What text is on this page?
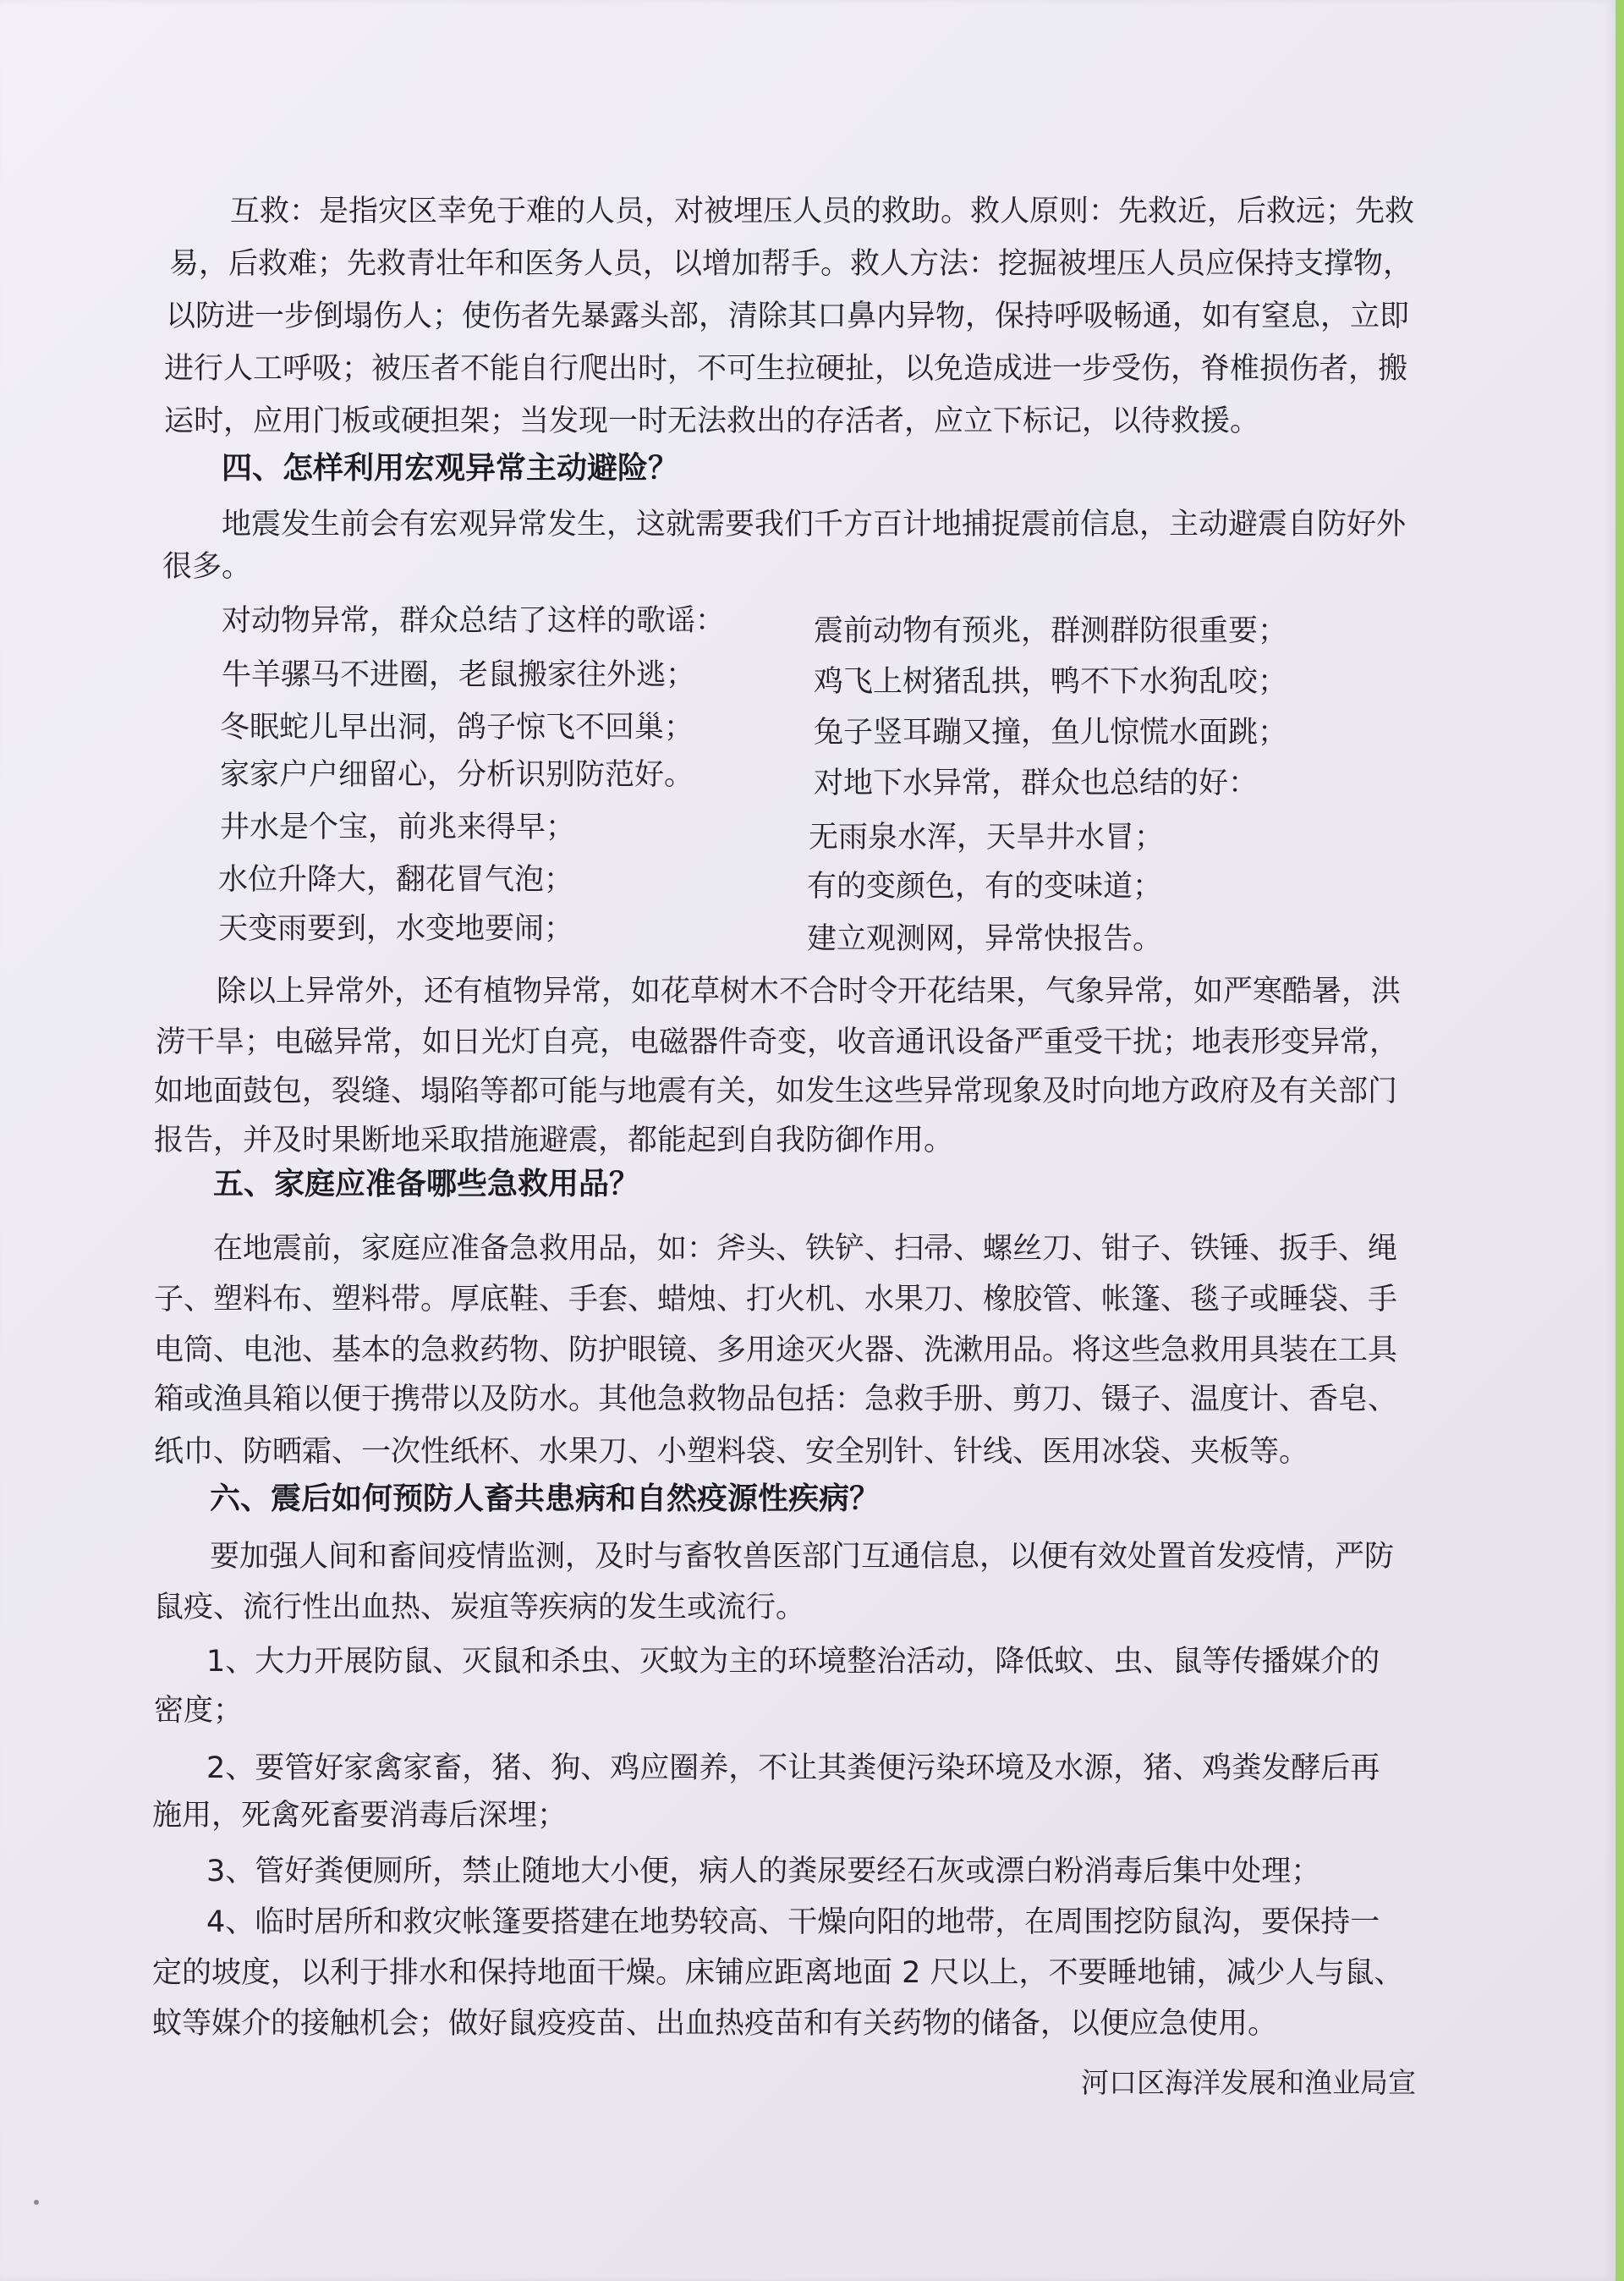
互救：是指灾区幸免于难的人员，对被埋压人员的救助。救人原则：先救近，后救远；先救
易，后救难；先救青壮年和医务人员，以增加帮手。救人方法：挖掘被埋压人员应保持支撑物，
以防进一步倒塌伤人；使伤者先暴露头部，清除其口鼻内异物，保持呼吸畅通，如有窒息，立即
进行人工呼吸；被压者不能自行爬出时，不可生拉硬扯，以免造成进一步受伤，脊椎损伤者，搬
运时，应用门板或硬担架；当发现一时无法救出的存活者，应立下标记，以待救援。
四、怎样利用宏观异常主动避险？
地震发生前会有宏观异常发生，这就需要我们千方百计地捕捉震前信息，主动避震自防好外
很多。
对动物异常，群众总结了这样的歌谣：	震前动物有预兆，群测群防很重要；
牛羊骡马不进圈，老鼠搬家往外逃；	鸡飞上树猪乱拱，鸭不下水狗乱咬；
冬眠蛇儿早出洞，鸽子惊飞不回巢；	兔子竖耳蹦又撞，鱼儿惊慌水面跳；
家家户户细留心，分析识别防范好。	对地下水异常，群众也总结的好：
井水是个宝，前兆来得早；	无雨泉水浑，天旱井水冒；
水位升降大，翻花冒气泡；	有的变颜色，有的变味道；
天变雨要到，水变地要闹；	建立观测网，异常快报告。
除以上异常外，还有植物异常，如花草树木不合时令开花结果，气象异常，如严寒酷暑，洪
涝干旱；电磁异常，如日光灯自亮，电磁器件奇变，收音通讯设备严重受干扰；地表形变异常，
如地面鼓包，裂缝、塌陷等都可能与地震有关，如发生这些异常现象及时向地方政府及有关部门
报告，并及时果断地采取措施避震，都能起到自我防御作用。
五、家庭应准备哪些急救用品？
在地震前，家庭应准备急救用品，如：斧头、铁铲、扫帚、螺丝刀、钳子、铁锤、扳手、绳
子、塑料布、塑料带。厚底鞋、手套、蜡烛、打火机、水果刀、橡胶管、帐篷、毯子或睡袋、手
电筒、电池、基本的急救药物、防护眼镜、多用途灭火器、洗漱用品。将这些急救用具装在工具
箱或渔具箱以便于携带以及防水。其他急救物品包括：急救手册、剪刀、镊子、温度计、香皂、
纸巾、防晒霜、一次性纸杯、水果刀、小塑料袋、安全别针、针线、医用冰袋、夹板等。
六、震后如何预防人畜共患病和自然疫源性疾病？
要加强人间和畜间疫情监测，及时与畜牧兽医部门互通信息，以便有效处置首发疫情，严防
鼠疫、流行性出血热、炭疽等疾病的发生或流行。
1、大力开展防鼠、灭鼠和杀虫、灭蚊为主的环境整治活动，降低蚊、虫、鼠等传播媒介的
密度；
2、要管好家禽家畜，猪、狗、鸡应圈养，不让其粪便污染环境及水源，猪、鸡粪发酵后再
施用，死禽死畜要消毒后深埋；
3、管好粪便厕所，禁止随地大小便，病人的粪尿要经石灰或漂白粉消毒后集中处理；
4、临时居所和救灾帐篷要搭建在地势较高、干燥向阳的地带，在周围挖防鼠沟，要保持一
定的坡度，以利于排水和保持地面干燥。床铺应距离地面 2 尺以上，不要睡地铺，减少人与鼠、
蚊等媒介的接触机会；做好鼠疫疫苗、出血热疫苗和有关药物的储备，以便应急使用。
河口区海洋发展和渔业局宣
